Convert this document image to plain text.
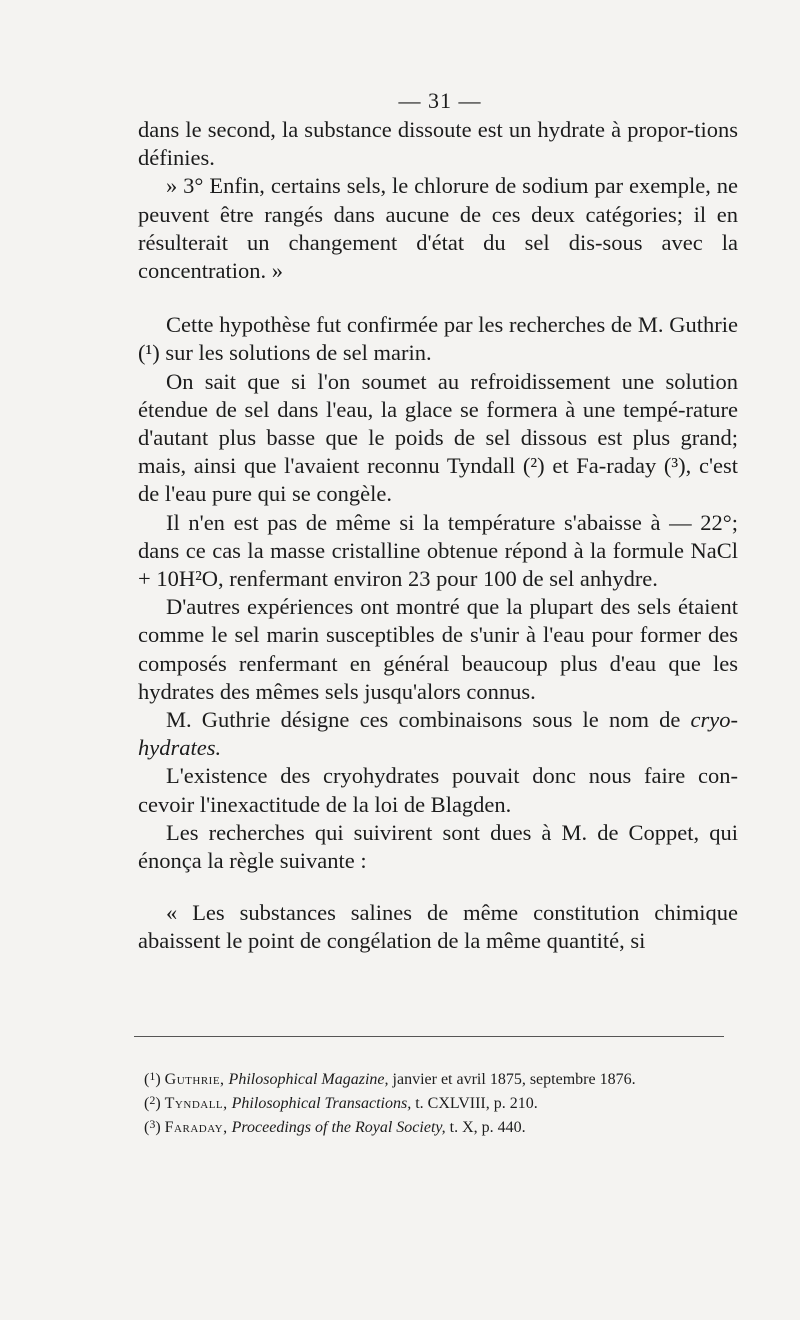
— 31 —

dans le second, la substance dissoute est un hydrate à propor-tions définies.

» 3° Enfin, certains sels, le chlorure de sodium par exemple, ne peuvent être rangés dans aucune de ces deux catégories; il en résulterait un changement d'état du sel dis-sous avec la concentration. »

Cette hypothèse fut confirmée par les recherches de M. Guthrie (¹) sur les solutions de sel marin.

On sait que si l'on soumet au refroidissement une solution étendue de sel dans l'eau, la glace se formera à une tempé-rature d'autant plus basse que le poids de sel dissous est plus grand; mais, ainsi que l'avaient reconnu Tyndall (²) et Fa-raday (³), c'est de l'eau pure qui se congèle.

Il n'en est pas de même si la température s'abaisse à — 22°; dans ce cas la masse cristalline obtenue répond à la formule NaCl + 10H²O, renfermant environ 23 pour 100 de sel anhydre.

D'autres expériences ont montré que la plupart des sels étaient comme le sel marin susceptibles de s'unir à l'eau pour former des composés renfermant en général beaucoup plus d'eau que les hydrates des mêmes sels jusqu'alors connus.

M. Guthrie désigne ces combinaisons sous le nom de cryo-hydrates.

L'existence des cryohydrates pouvait donc nous faire con-cevoir l'inexactitude de la loi de Blagden.

Les recherches qui suivirent sont dues à M. de Coppet, qui énonça la règle suivante :

« Les substances salines de même constitution chimique abaissent le point de congélation de la même quantité, si

($^1$) Guthrie, Philosophical Magazine, janvier et avril 1875, septembre 1876.

($^2$) Tyndall, Philosophical Transactions, t. CXLVIII, p. 210.

($^3$) Faraday, Proceedings of the Royal Society, t. X, p. 440.
